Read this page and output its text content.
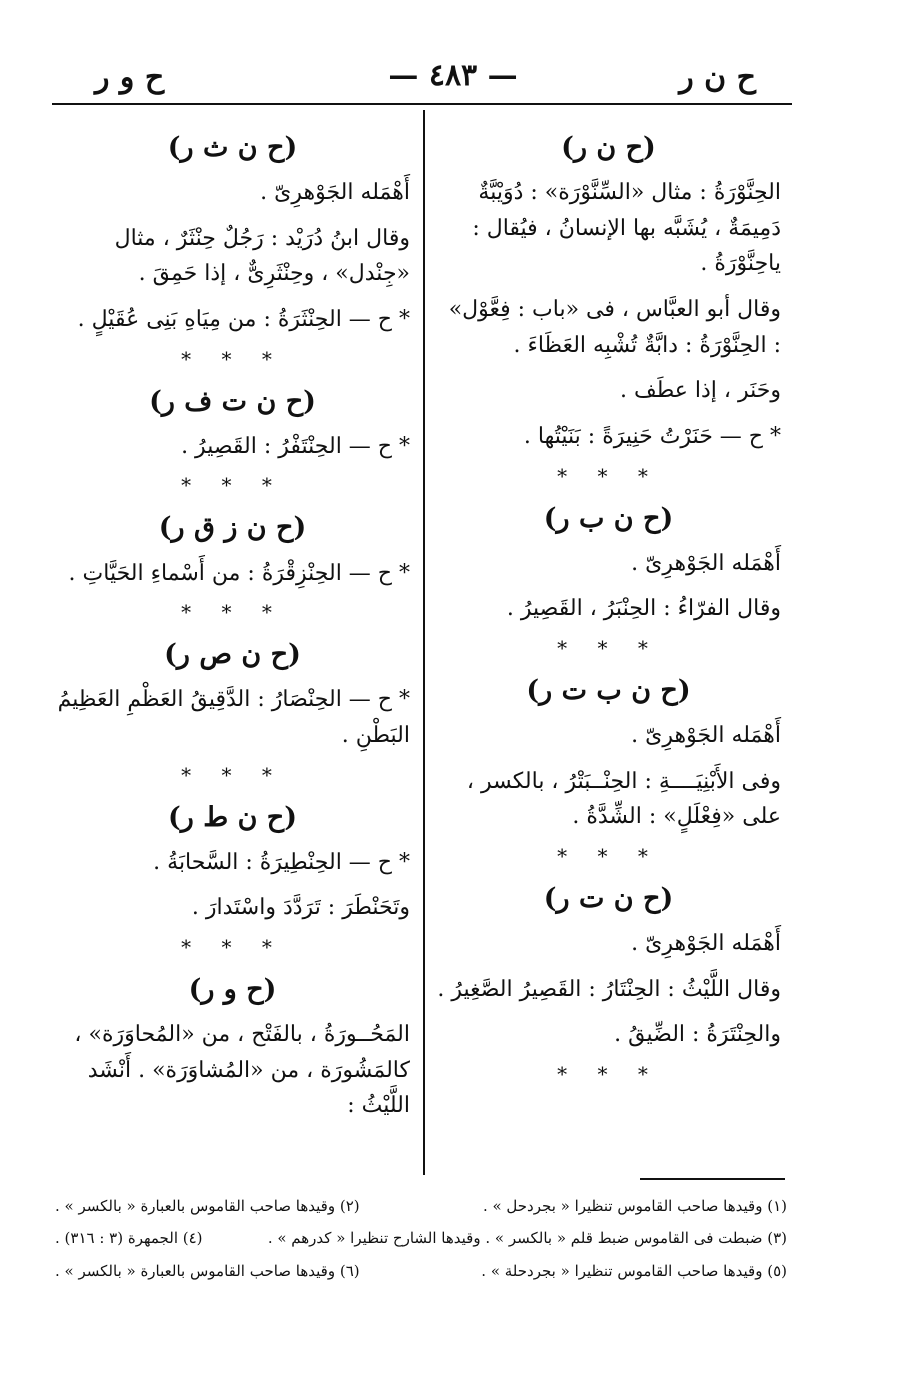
ح ن ر
— ٤٨٣ —
ح و ر
(ح ن ر)

الحِنَّوْرَةُ : مثال «السِّنَّوْرَة» : دُوَيْبَّةٌ دَمِيمَةٌ ، يُشَبَّه بها الإنسانُ ، فيُقال : ياحِنَّوْرَةُ .

وقال أبو العبَّاس ، فى «باب : فِعَّوْل» : الحِنَّوْرَةُ : دابَّةٌ تُشْبِه العَظَاءَ .

وحَنَر ، إذا عطَف .

* ح — حَنَرْتُ حَنِيرَةً : بَنَيْتُها .

* * *
(ح ن ب ر)

أَهْمَله الجَوْهرِىّ .

وقال الفرّاءُ : الحِنْبَرُ ، القَصِيرُ .

* * *
(ح ن ب ت ر)

أَهْمَله الجَوْهرِىّ .

وفى الأَبْنِيَــــةِ : الحِنْــبَتْرُ ، بالكسر ، على «فِعْلَلٍ» : الشِّدَّةُ .

* * *
(ح ن ت ر)

أَهْمَله الجَوْهرِىّ .

وقال اللَّيْثُ : الحِنْتَارُ : القَصِيرُ الصَّغِيرُ .

والحِنْتَرَةُ : الضِّيقُ .

* * *
(ح ن ث ر)

أَهْمَله الجَوْهرِىّ .

وقال ابنُ دُرَيْد : رَجُلٌ حِنْثَرٌ ، مثال «جِنْدل» ، وحِنْثَرِىٌّ ، إذا حَمِقَ .

* ح — الحِنْثَرَةُ : من مِيَاهِ بَنِى عُقَيْلٍ .

* * *
(ح ن ت ف ر)

* ح — الحِنْتَفْرُ : القَصِيرُ .

* * *
(ح ن ز ق ر)

* ح — الحِنْزِقْرَةُ : من أَسْماءِ الحَيَّاتِ .

* * *
(ح ن ص ر)

* ح — الحِنْصَارُ : الدَّقِيقُ العَظْمِ العَظِيمُ البَطْنِ .

* * *
(ح ن ط ر)

* ح — الحِنْطِيرَةُ : السَّحابَةُ .

وتَحَنْطَرَ : تَرَدَّدَ واسْتَدارَ .

* * *
(ح و ر)

المَحُــورَةُ ، بالفَتْح ، من «المُحاوَرَة» ، كالمَشُورَة ، من «المُشاوَرَة» . أَنْشَد اللَّيْثُ :

(١) وقيدها صاحب القاموس تنظيرا « بجردحل » .
(٢) وقيدها صاحب القاموس بالعبارة « بالكسر » .
(٣) ضبطت فى القاموس ضبط قلم « بالكسر » . وقيدها الشارح تنظيرا « كدرهم » .
(٤) الجمهرة (٣ : ٣١٦) .
(٥) وقيدها صاحب القاموس تنظيرا « بجردحلة » .
(٦) وقيدها صاحب القاموس بالعبارة « بالكسر » .
